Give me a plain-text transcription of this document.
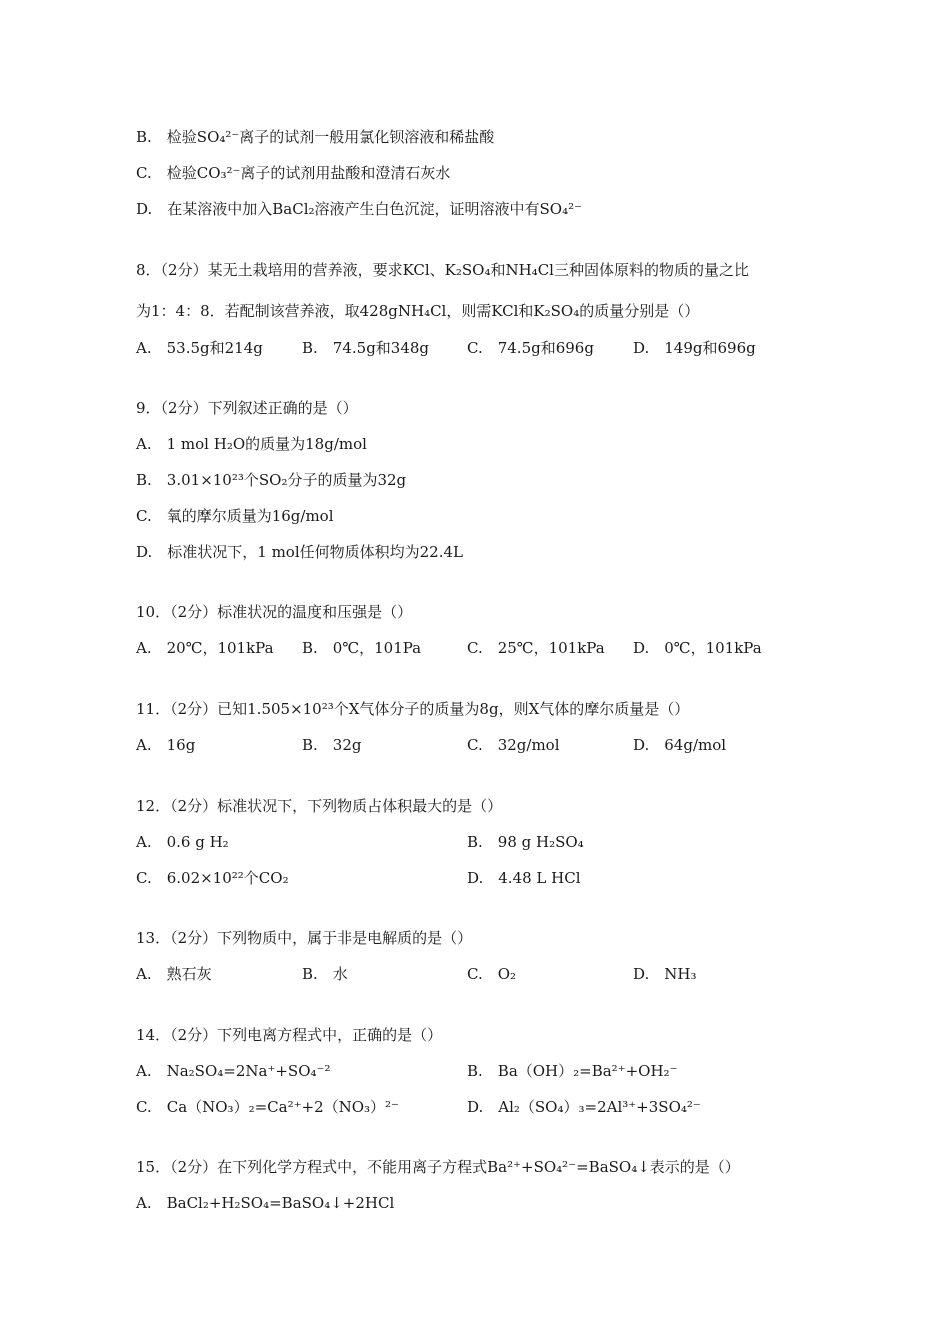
B.　检验SO₄²⁻离子的试剂一般用氯化钡溶液和稀盐酸
C.　检验CO₃²⁻离子的试剂用盐酸和澄清石灰水
D.　在某溶液中加入BaCl₂溶液产生白色沉淀，证明溶液中有SO₄²⁻
8．（2分）某无土栽培用的营养液，要求KCl、K₂SO₄和NH₄Cl三种固体原料的物质的量之比
为1：4：8．若配制该营养液，取428gNH₄Cl，则需KCl和K₂SO₄的质量分别是（）
A.　53.5g和214g	B.　74.5g和348g	C.　74.5g和696g	D.　149g和696g
9．（2分）下列叙述正确的是（）
A.　1 mol H₂O的质量为18g/mol
B.　3.01×10²³个SO₂分子的质量为32g
C.　氧的摩尔质量为16g/mol
D.　标准状况下，1 mol任何物质体积均为22.4L
10．（2分）标准状况的温度和压强是（）
A.　20℃，101kPa B.　0℃，101Pa	C.　25℃，101kPa D.　0℃，101kPa
11．（2分）已知1.505×10²³个X气体分子的质量为8g，则X气体的摩尔质量是（）
A.　16g	B.　32g	C.　32g/mol	D.　64g/mol
12．（2分）标准状况下，下列物质占体积最大的是（）
A.　0.6 g H₂	B.　98 g H₂SO₄
C.　6.02×10²²个CO₂	D.　4.48 L HCl
13．（2分）下列物质中，属于非是电解质的是（）
A.　熟石灰	B.　水	C.　O₂	D.　NH₃
14．（2分）下列电离方程式中，正确的是（）
A.　Na₂SO₄=2Na⁺+SO₄⁻²	B.　Ba（OH）₂=Ba²⁺+OH₂⁻
C.　Ca（NO₃）₂=Ca²⁺+2（NO₃）²⁻	D.　Al₂（SO₄）₃=2Al³⁺+3SO₄²⁻
15．（2分）在下列化学方程式中，不能用离子方程式Ba²⁺+SO₄²⁻=BaSO₄↓表示的是（）
A.　BaCl₂+H₂SO₄=BaSO₄↓+2HCl
